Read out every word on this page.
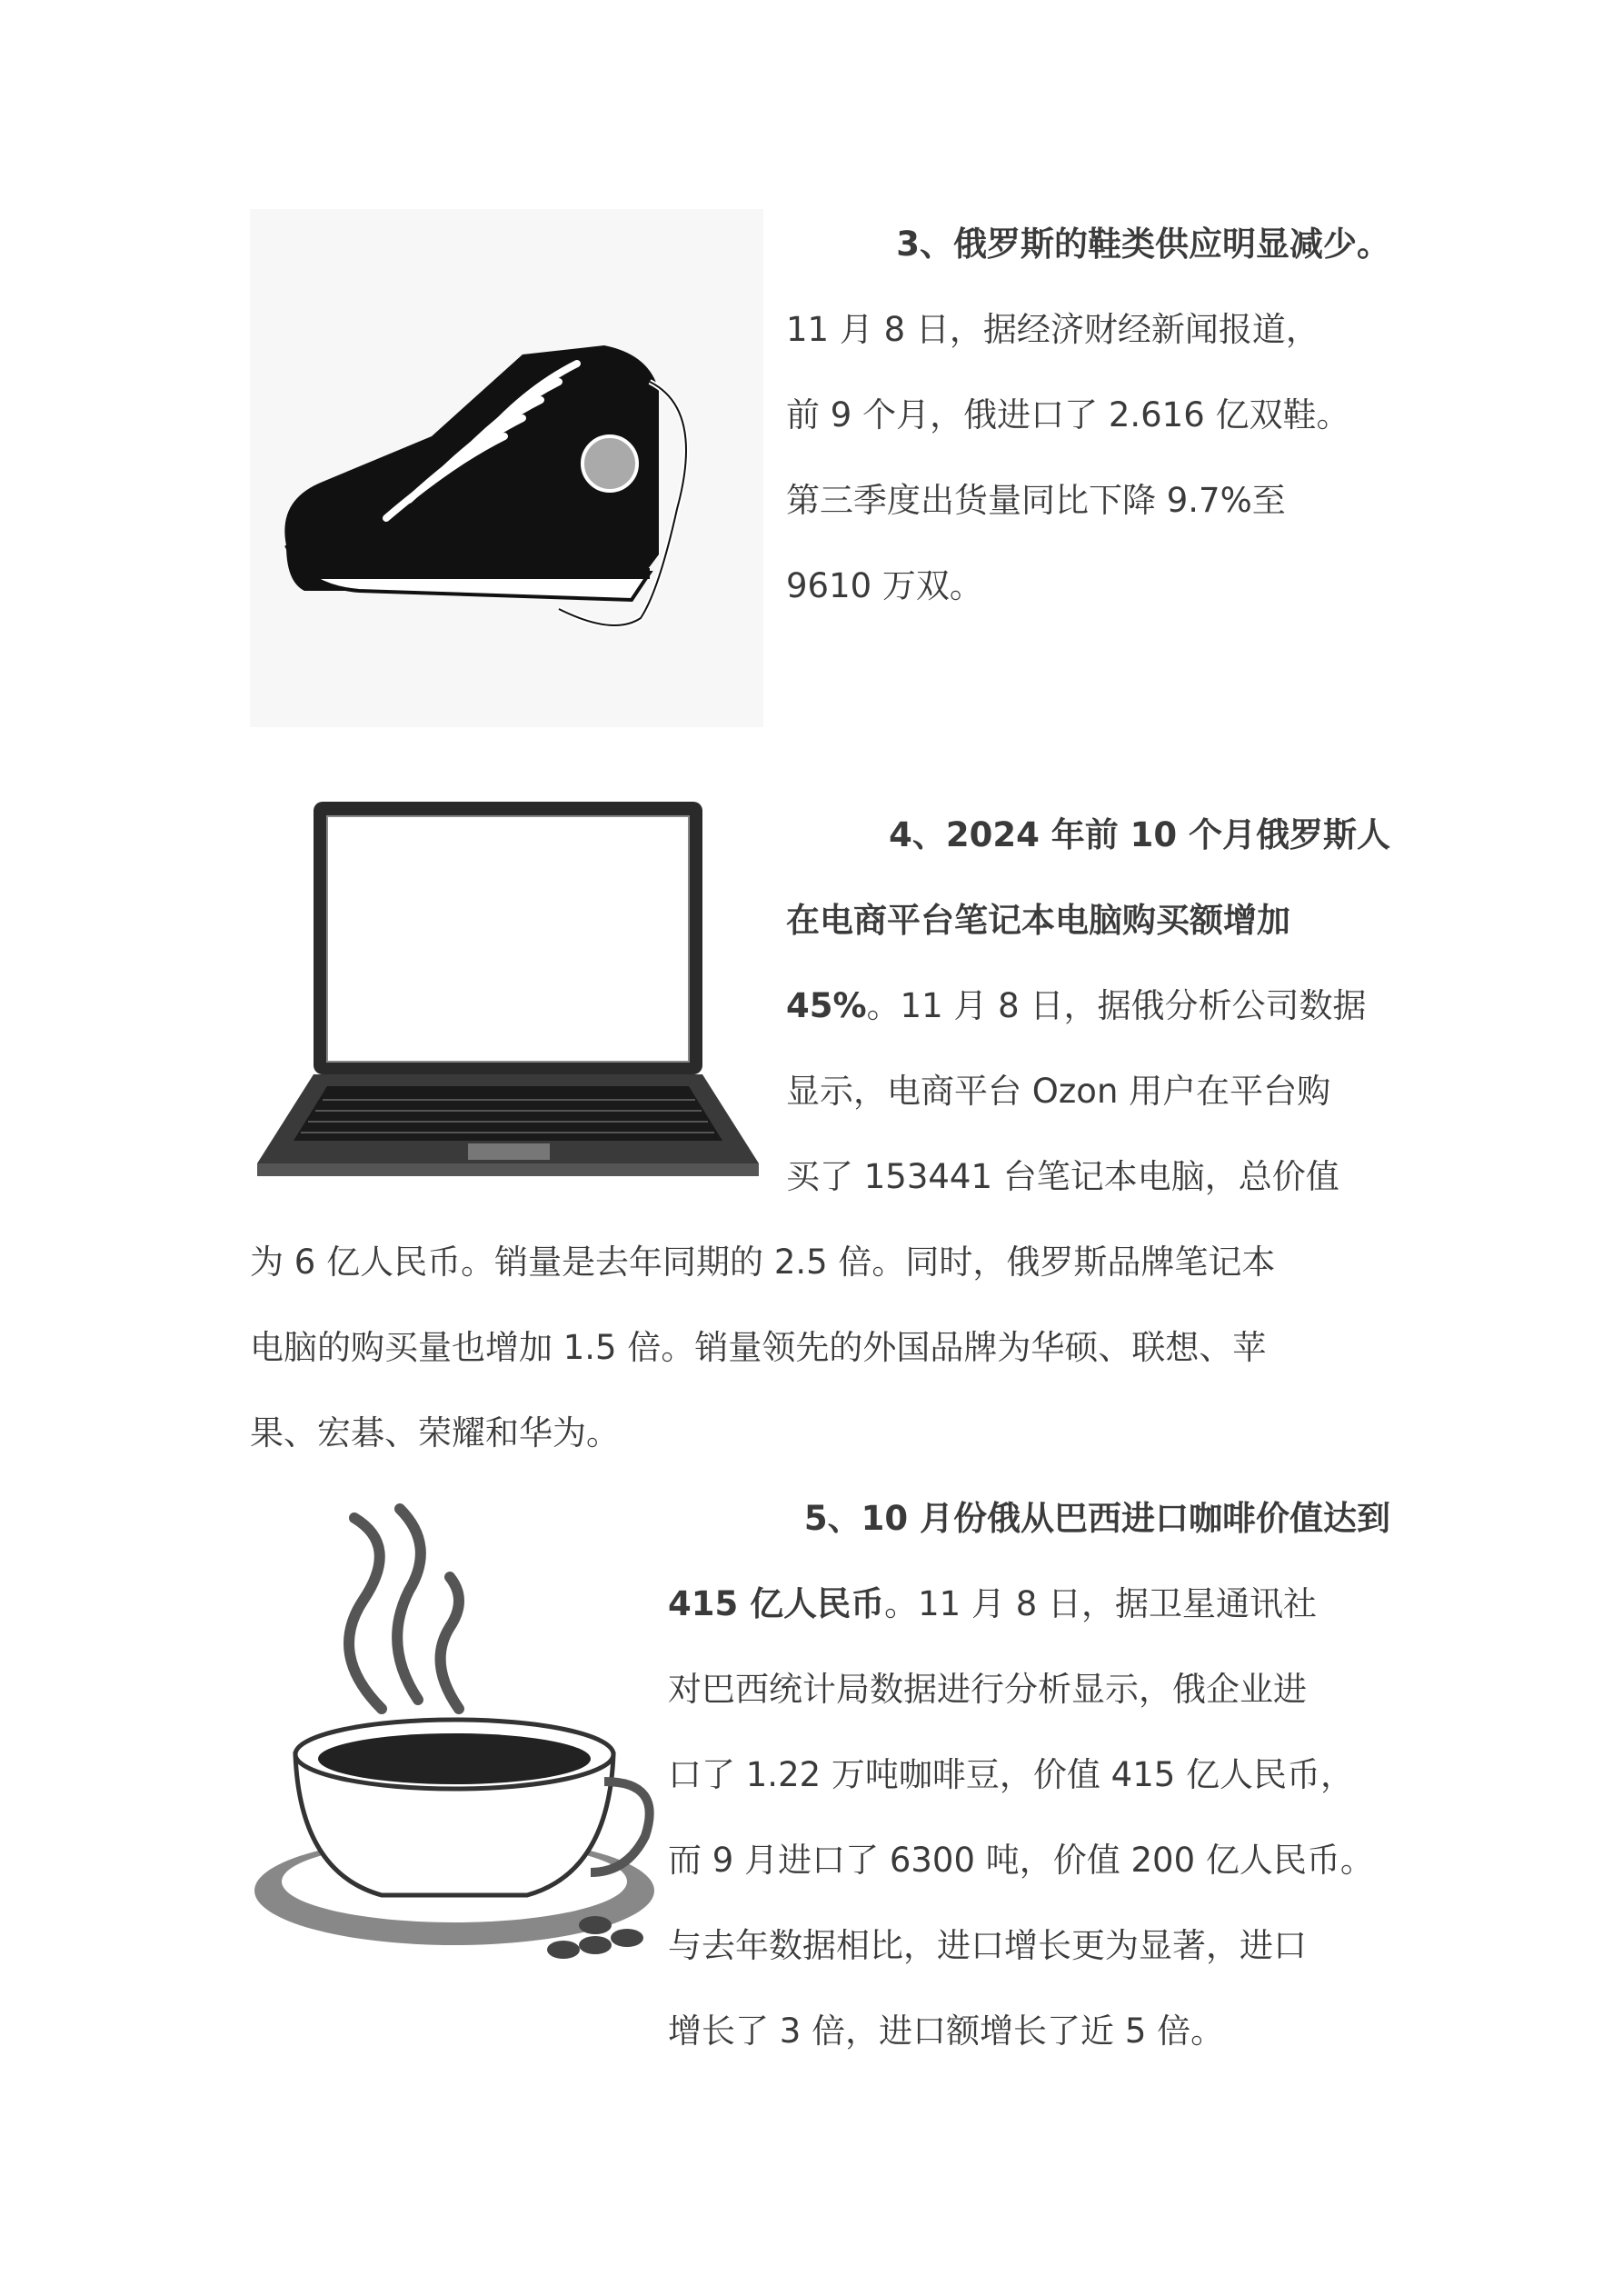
3、俄罗斯的鞋类供应明显减少。
11 月 8 日，据经济财经新闻报道，
前 9 个月，俄进口了 2.616 亿双鞋。
第三季度出货量同比下降 9.7%至
9610 万双。
4、2024 年前 10 个月俄罗斯人
在电商平台笔记本电脑购买额增加
45%。11 月 8 日，据俄分析公司数据
显示，电商平台 Ozon 用户在平台购
买了 153441 台笔记本电脑，总价值
为 6 亿人民币。销量是去年同期的 2.5 倍。同时，俄罗斯品牌笔记本
电脑的购买量也增加 1.5 倍。销量领先的外国品牌为华硕、联想、苹
果、宏碁、荣耀和华为。
5、10 月份俄从巴西进口咖啡价值达到
415 亿人民币。11 月 8 日，据卫星通讯社
对巴西统计局数据进行分析显示，俄企业进
口了 1.22 万吨咖啡豆，价值 415 亿人民币，
而 9 月进口了 6300 吨，价值 200 亿人民币。
与去年数据相比，进口增长更为显著，进口
增长了 3 倍，进口额增长了近 5 倍。
